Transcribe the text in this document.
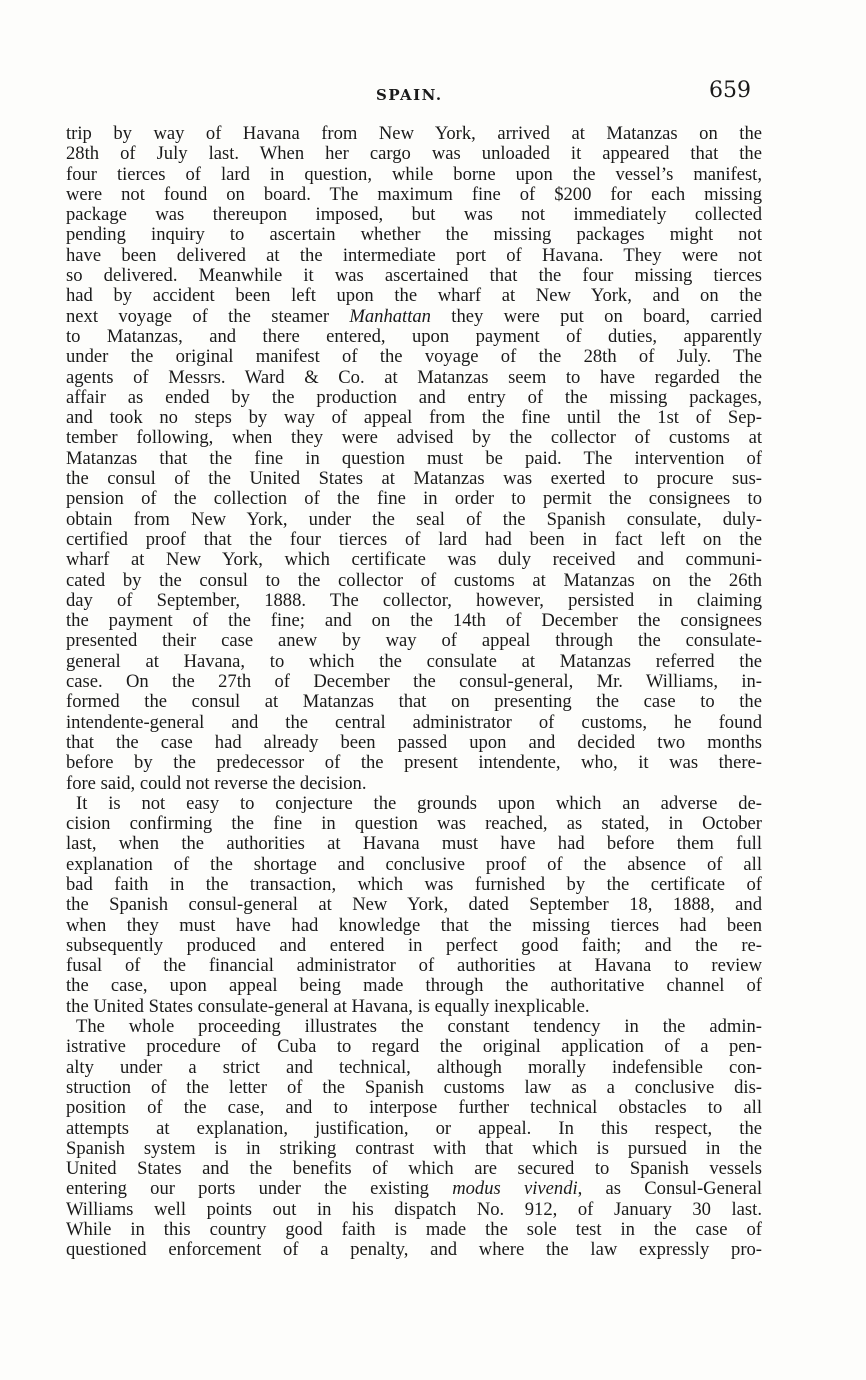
SPAIN.	659
trip by way of Havana from New York, arrived at Matanzas on the
28th of July last. When her cargo was unloaded it appeared that the
four tierces of lard in question, while borne upon the vessel’s manifest,
were not found on board. The maximum fine of $200 for each missing
package was thereupon imposed, but was not immediately collected
pending inquiry to ascertain whether the missing packages might not
have been delivered at the intermediate port of Havana. They were not
so delivered. Meanwhile it was ascertained that the four missing tierces
had by accident been left upon the wharf at New York, and on the
next voyage of the steamer Manhattan they were put on board, carried
to Matanzas, and there entered, upon payment of duties, apparently
under the original manifest of the voyage of the 28th of July. The
agents of Messrs. Ward & Co. at Matanzas seem to have regarded the
affair as ended by the production and entry of the missing packages,
and took no steps by way of appeal from the fine until the 1st of Sep-
tember following, when they were advised by the collector of customs at
Matanzas that the fine in question must be paid. The intervention of
the consul of the United States at Matanzas was exerted to procure sus-
pension of the collection of the fine in order to permit the consignees to
obtain from New York, under the seal of the Spanish consulate, duly-
certified proof that the four tierces of lard had been in fact left on the
wharf at New York, which certificate was duly received and communi-
cated by the consul to the collector of customs at Matanzas on the 26th
day of September, 1888. The collector, however, persisted in claiming
the payment of the fine; and on the 14th of December the consignees
presented their case anew by way of appeal through the consulate-
general at Havana, to which the consulate at Matanzas referred the
case. On the 27th of December the consul-general, Mr. Williams, in-
formed the consul at Matanzas that on presenting the case to the
intendente-general and the central administrator of customs, he found
that the case had already been passed upon and decided two months
before by the predecessor of the present intendente, who, it was there-
fore said, could not reverse the decision.
It is not easy to conjecture the grounds upon which an adverse de-
cision confirming the fine in question was reached, as stated, in October
last, when the authorities at Havana must have had before them full
explanation of the shortage and conclusive proof of the absence of all
bad faith in the transaction, which was furnished by the certificate of
the Spanish consul-general at New York, dated September 18, 1888, and
when they must have had knowledge that the missing tierces had been
subsequently produced and entered in perfect good faith; and the re-
fusal of the financial administrator of authorities at Havana to review
the case, upon appeal being made through the authoritative channel of
the United States consulate-general at Havana, is equally inexplicable.
The whole proceeding illustrates the constant tendency in the admin-
istrative procedure of Cuba to regard the original application of a pen-
alty under a strict and technical, although morally indefensible con-
struction of the letter of the Spanish customs law as a conclusive dis-
position of the case, and to interpose further technical obstacles to all
attempts at explanation, justification, or appeal. In this respect, the
Spanish system is in striking contrast with that which is pursued in the
United States and the benefits of which are secured to Spanish vessels
entering our ports under the existing modus vivendi, as Consul-General
Williams well points out in his dispatch No. 912, of January 30 last.
While in this country good faith is made the sole test in the case of
questioned enforcement of a penalty, and where the law expressly pro-
